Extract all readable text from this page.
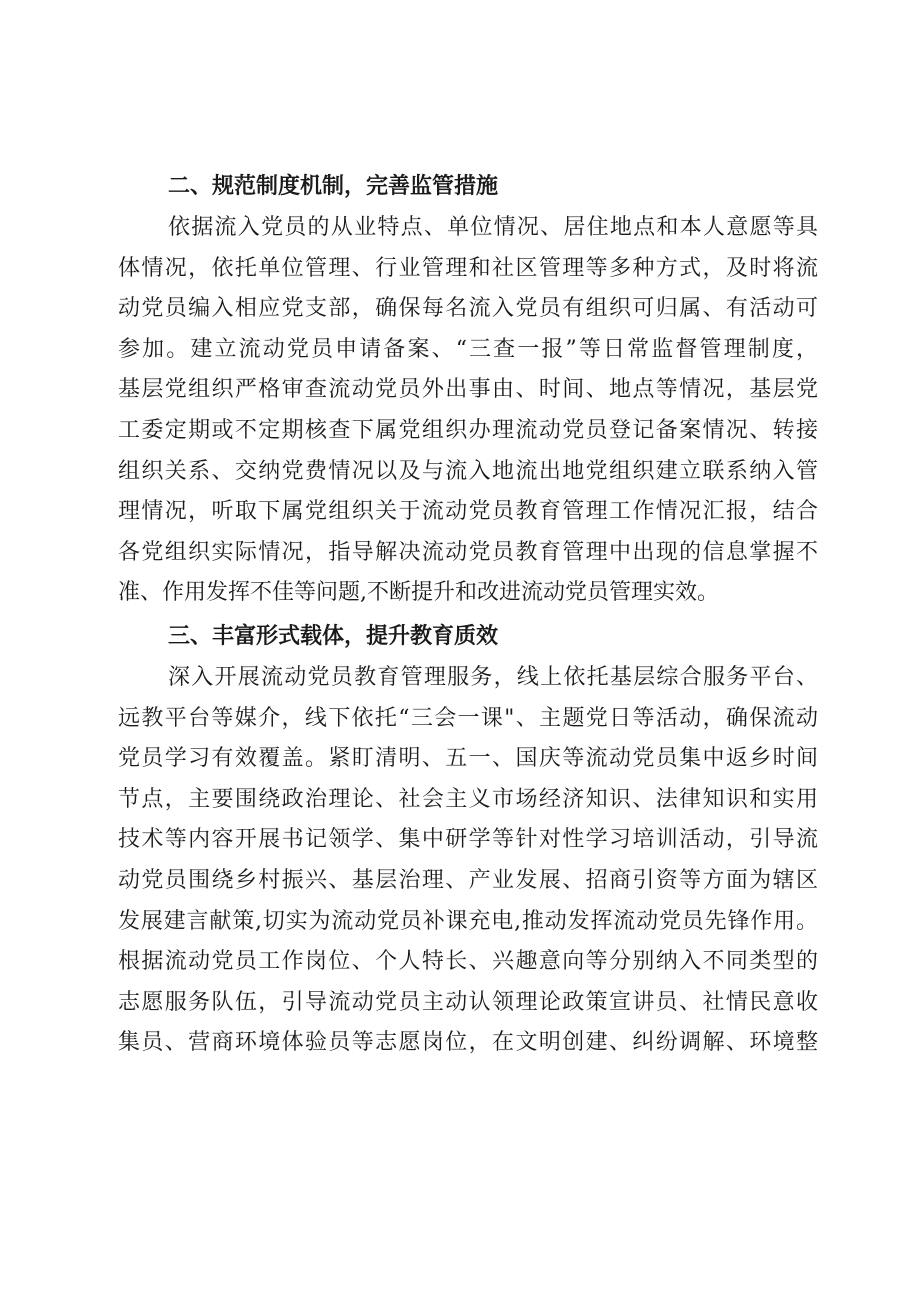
二、规范制度机制，完善监管措施

依据流入党员的从业特点、单位情况、居住地点和本人意愿等具
体情况，依托单位管理、行业管理和社区管理等多种方式，及时将流
动党员编入相应党支部，确保每名流入党员有组织可归属、有活动可
参加。建立流动党员申请备案、“三查一报”等日常监督管理制度，
基层党组织严格审查流动党员外出事由、时间、地点等情况，基层党
工委定期或不定期核查下属党组织办理流动党员登记备案情况、转接
组织关系、交纳党费情况以及与流入地流出地党组织建立联系纳入管
理情况，听取下属党组织关于流动党员教育管理工作情况汇报，结合
各党组织实际情况，指导解决流动党员教育管理中出现的信息掌握不
准、作用发挥不佳等问题,不断提升和改进流动党员管理实效。

三、丰富形式载体，提升教育质效

深入开展流动党员教育管理服务，线上依托基层综合服务平台、
远教平台等媒介，线下依托“三会一课"、主题党日等活动，确保流动
党员学习有效覆盖。紧盯清明、五一、国庆等流动党员集中返乡时间
节点，主要围绕政治理论、社会主义市场经济知识、法律知识和实用
技术等内容开展书记领学、集中研学等针对性学习培训活动，引导流
动党员围绕乡村振兴、基层治理、产业发展、招商引资等方面为辖区
发展建言献策,切实为流动党员补课充电,推动发挥流动党员先锋作用。
根据流动党员工作岗位、个人特长、兴趣意向等分别纳入不同类型的
志愿服务队伍，引导流动党员主动认领理论政策宣讲员、社情民意收
集员、营商环境体验员等志愿岗位，在文明创建、纠纷调解、环境整
